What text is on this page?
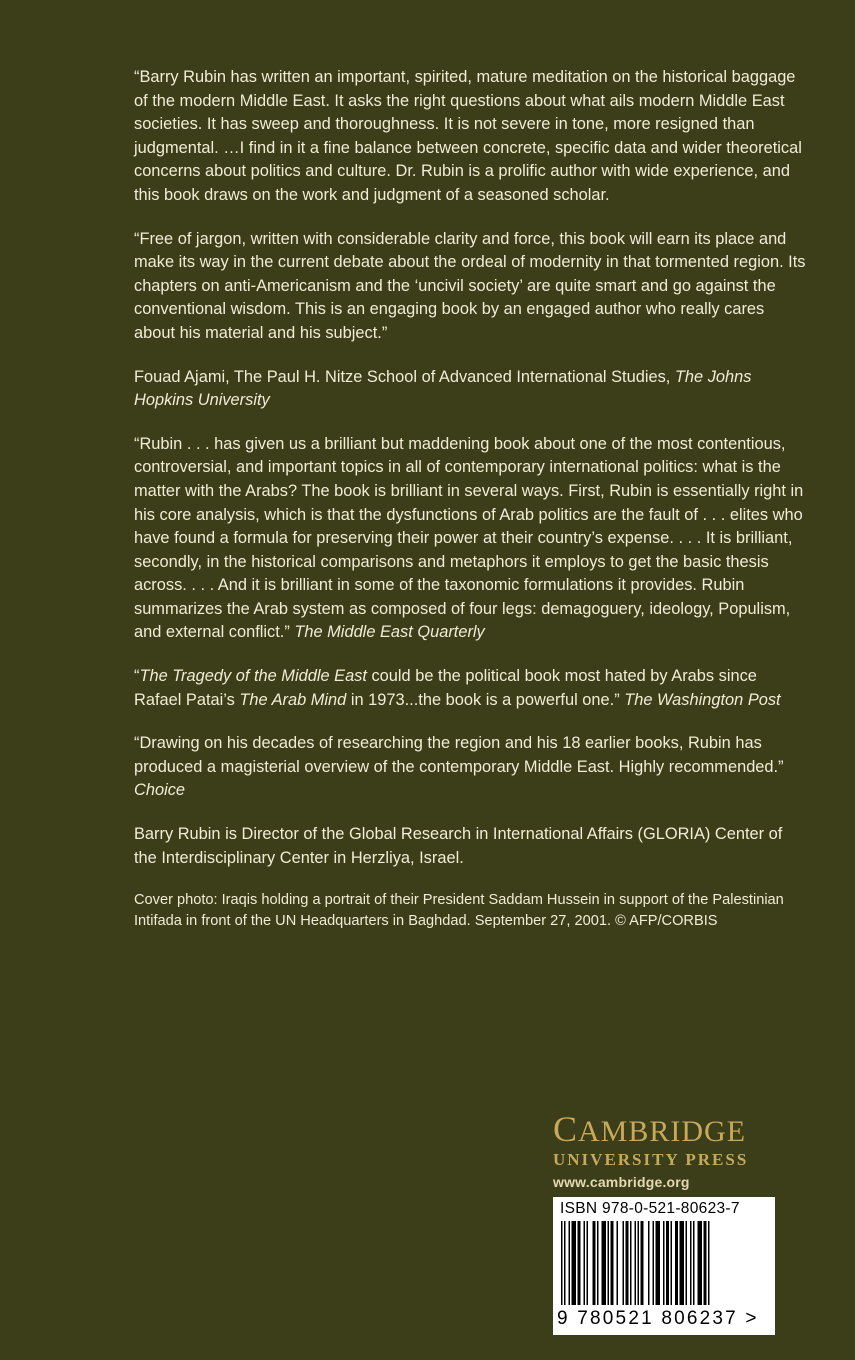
“Barry Rubin has written an important, spirited, mature meditation on the historical baggage of the modern Middle East. It asks the right questions about what ails modern Middle East societies. It has sweep and thoroughness. It is not severe in tone, more resigned than judgmental. …I find in it a fine balance between concrete, specific data and wider theoretical concerns about politics and culture. Dr. Rubin is a prolific author with wide experience, and this book draws on the work and judgment of a seasoned scholar.

“Free of jargon, written with considerable clarity and force, this book will earn its place and make its way in the current debate about the ordeal of modernity in that tormented region. Its chapters on anti-Americanism and the ‘uncivil society’ are quite smart and go against the conventional wisdom. This is an engaging book by an engaged author who really cares about his material and his subject.”

Fouad Ajami, The Paul H. Nitze School of Advanced International Studies, The Johns Hopkins University

“Rubin . . . has given us a brilliant but maddening book about one of the most contentious, controversial, and important topics in all of contemporary international politics: what is the matter with the Arabs? The book is brilliant in several ways. First, Rubin is essentially right in his core analysis, which is that the dysfunctions of Arab politics are the fault of . . . elites who have found a formula for preserving their power at their country’s expense. . . . It is brilliant, secondly, in the historical comparisons and metaphors it employs to get the basic thesis across. . . . And it is brilliant in some of the taxonomic formulations it provides. Rubin summarizes the Arab system as composed of four legs: demagoguery, ideology, Populism, and external conflict.” The Middle East Quarterly

“The Tragedy of the Middle East could be the political book most hated by Arabs since Rafael Patai’s The Arab Mind in 1973...the book is a powerful one.” The Washington Post

“Drawing on his decades of researching the region and his 18 earlier books, Rubin has produced a magisterial overview of the contemporary Middle East. Highly recommended.”
Choice

Barry Rubin is Director of the Global Research in International Affairs (GLORIA) Center of the Interdisciplinary Center in Herzliya, Israel.

Cover photo: Iraqis holding a portrait of their President Saddam Hussein in support of the Palestinian Intifada in front of the UN Headquarters in Baghdad. September 27, 2001. © AFP/CORBIS

CAMBRIDGE
UNIVERSITY PRESS
www.cambridge.org
ISBN 978-0-521-80623-7
9 780521 806237 >
